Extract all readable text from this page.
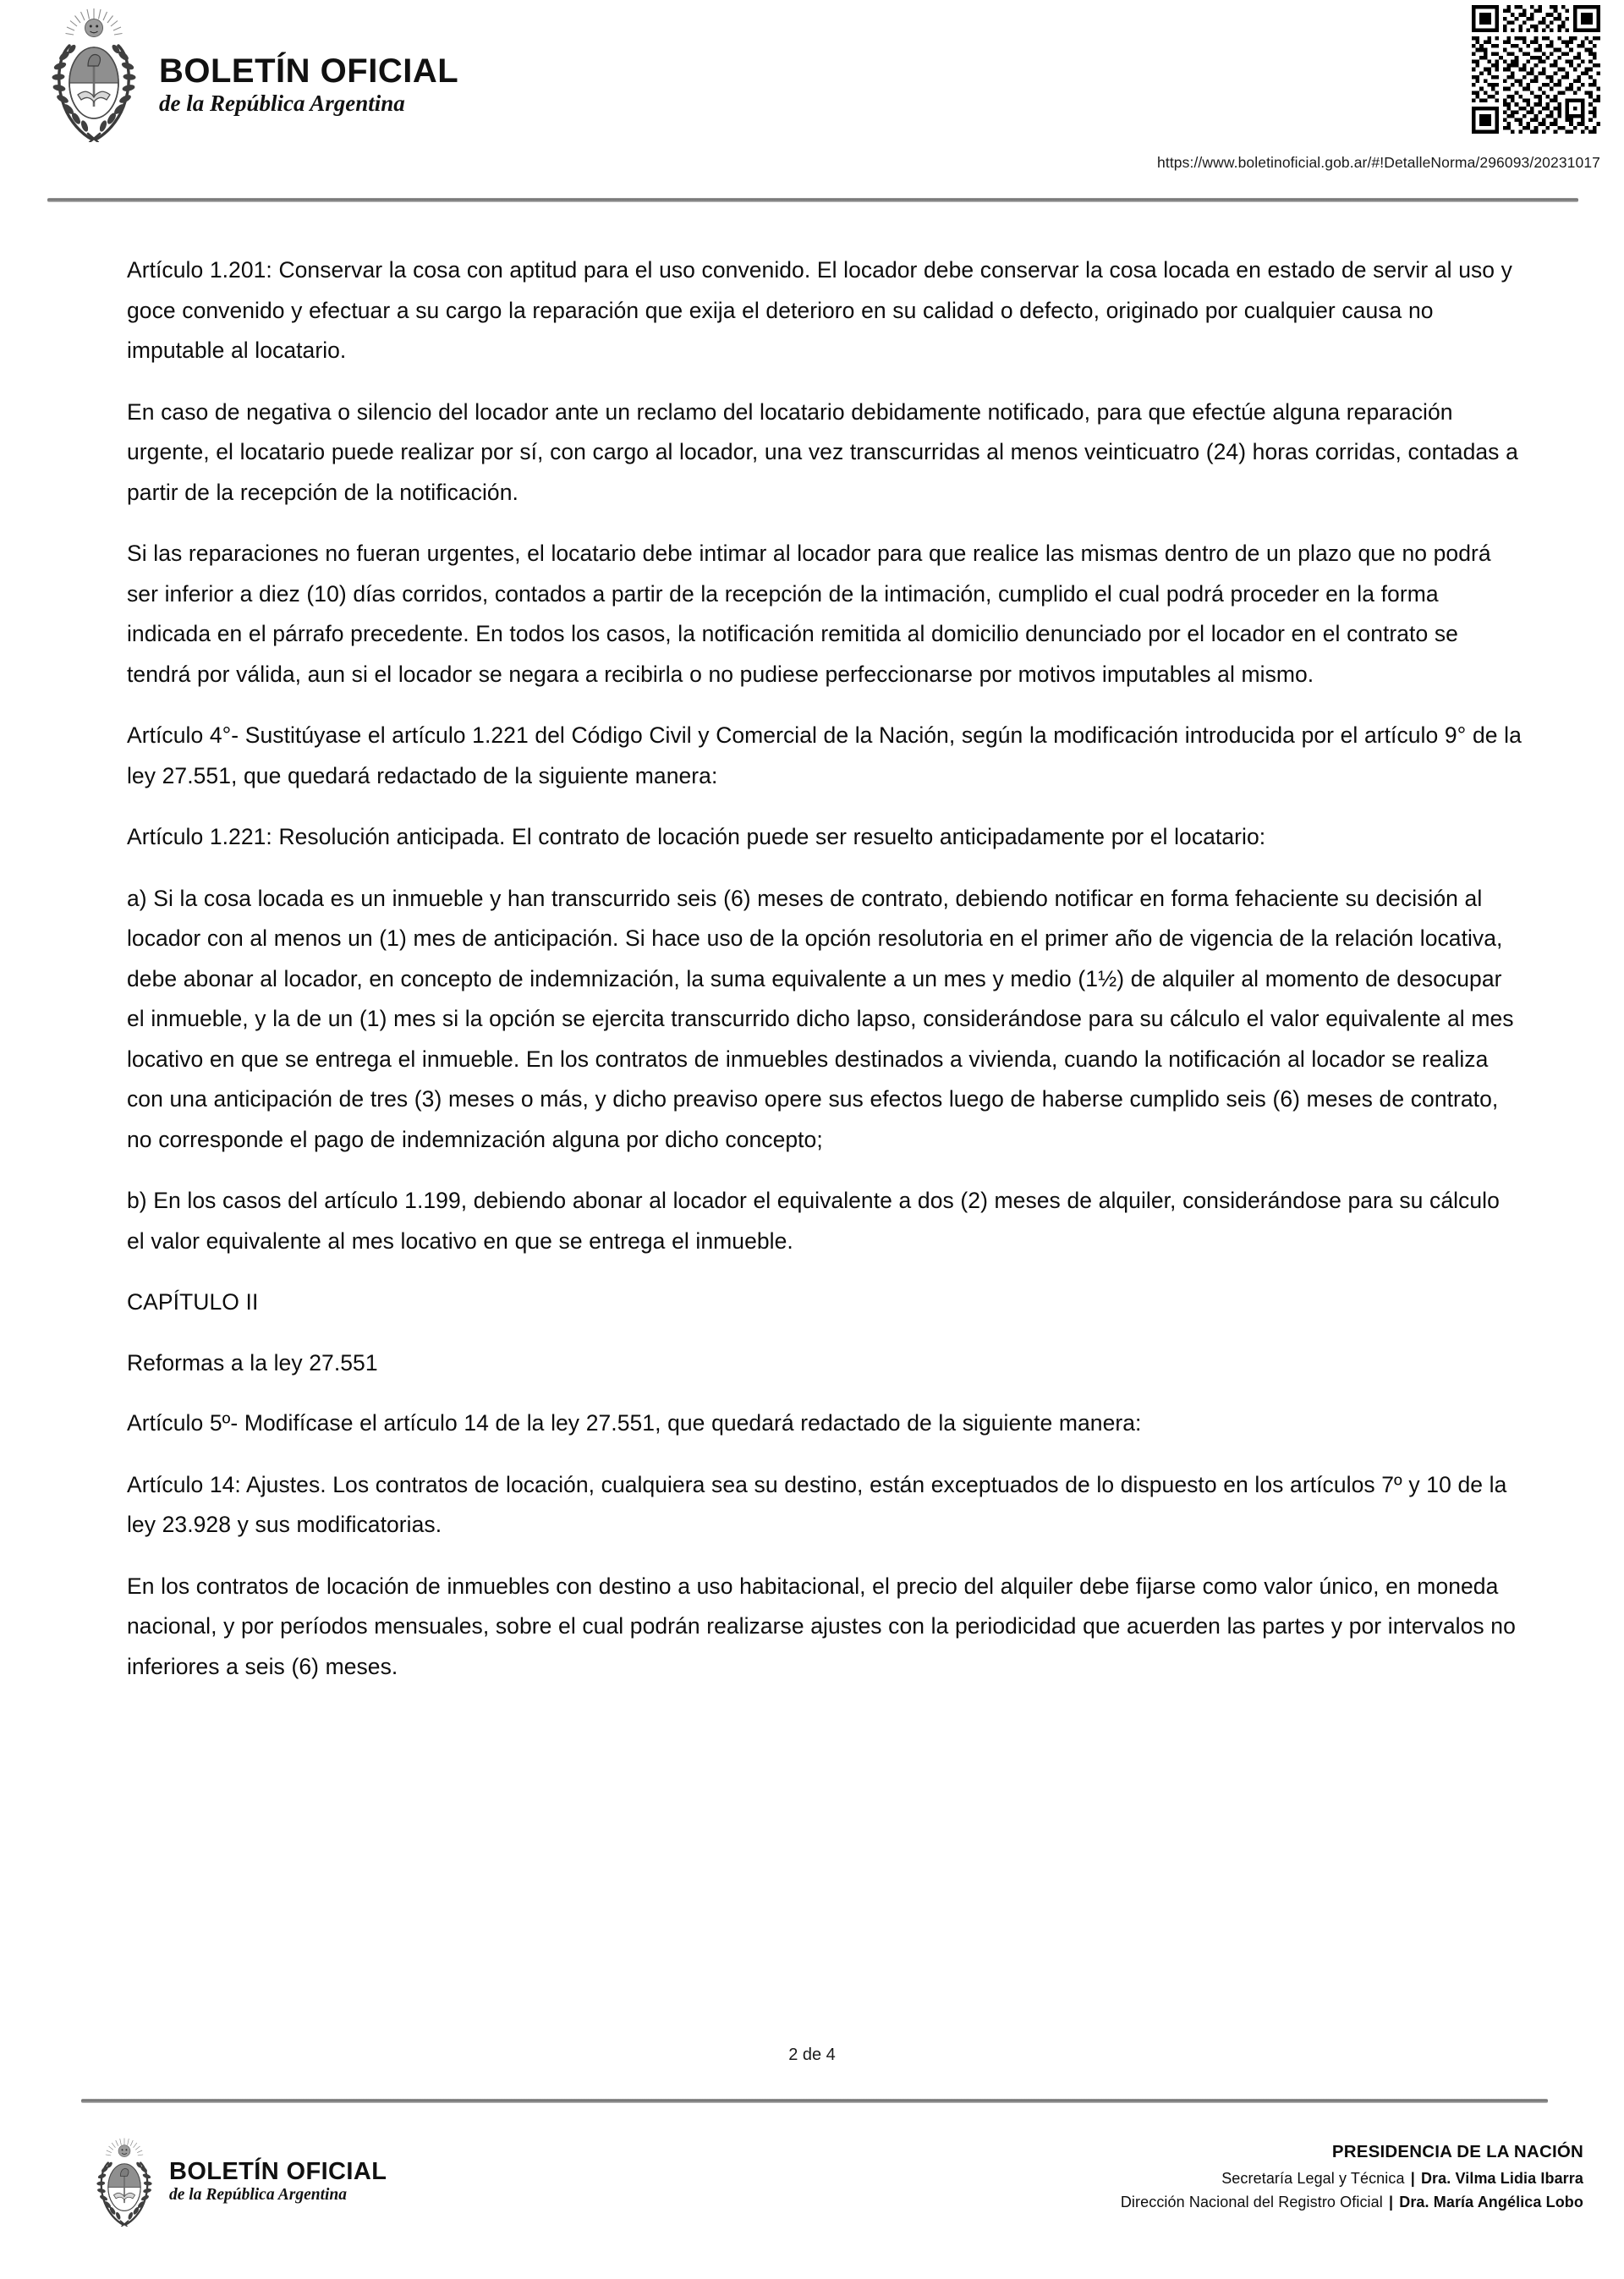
BOLETÍN OFICIAL
de la República Argentina
https://www.boletinoficial.gob.ar/#!DetalleNorma/296093/20231017

Artículo 1.201: Conservar la cosa con aptitud para el uso convenido. El locador debe conservar la cosa locada en estado de servir al uso y goce convenido y efectuar a su cargo la reparación que exija el deterioro en su calidad o defecto, originado por cualquier causa no imputable al locatario.

En caso de negativa o silencio del locador ante un reclamo del locatario debidamente notificado, para que efectúe alguna reparación urgente, el locatario puede realizar por sí, con cargo al locador, una vez transcurridas al menos veinticuatro (24) horas corridas, contadas a partir de la recepción de la notificación.

Si las reparaciones no fueran urgentes, el locatario debe intimar al locador para que realice las mismas dentro de un plazo que no podrá ser inferior a diez (10) días corridos, contados a partir de la recepción de la intimación, cumplido el cual podrá proceder en la forma indicada en el párrafo precedente. En todos los casos, la notificación remitida al domicilio denunciado por el locador en el contrato se tendrá por válida, aun si el locador se negara a recibirla o no pudiese perfeccionarse por motivos imputables al mismo.

Artículo 4°- Sustitúyase el artículo 1.221 del Código Civil y Comercial de la Nación, según la modificación introducida por el artículo 9° de la ley 27.551, que quedará redactado de la siguiente manera:

Artículo 1.221: Resolución anticipada. El contrato de locación puede ser resuelto anticipadamente por el locatario:

a) Si la cosa locada es un inmueble y han transcurrido seis (6) meses de contrato, debiendo notificar en forma fehaciente su decisión al locador con al menos un (1) mes de anticipación. Si hace uso de la opción resolutoria en el primer año de vigencia de la relación locativa, debe abonar al locador, en concepto de indemnización, la suma equivalente a un mes y medio (1½) de alquiler al momento de desocupar el inmueble, y la de un (1) mes si la opción se ejercita transcurrido dicho lapso, considerándose para su cálculo el valor equivalente al mes locativo en que se entrega el inmueble. En los contratos de inmuebles destinados a vivienda, cuando la notificación al locador se realiza con una anticipación de tres (3) meses o más, y dicho preaviso opere sus efectos luego de haberse cumplido seis (6) meses de contrato, no corresponde el pago de indemnización alguna por dicho concepto;

b) En los casos del artículo 1.199, debiendo abonar al locador el equivalente a dos (2) meses de alquiler, considerándose para su cálculo el valor equivalente al mes locativo en que se entrega el inmueble.

CAPÍTULO II

Reformas a la ley 27.551

Artículo 5º- Modifícase el artículo 14 de la ley 27.551, que quedará redactado de la siguiente manera:

Artículo 14: Ajustes. Los contratos de locación, cualquiera sea su destino, están exceptuados de lo dispuesto en los artículos 7º y 10 de la ley 23.928 y sus modificatorias.

En los contratos de locación de inmuebles con destino a uso habitacional, el precio del alquiler debe fijarse como valor único, en moneda nacional, y por períodos mensuales, sobre el cual podrán realizarse ajustes con la periodicidad que acuerden las partes y por intervalos no inferiores a seis (6) meses.

2 de 4
BOLETÍN OFICIAL
de la República Argentina
PRESIDENCIA DE LA NACIÓN
Secretaría Legal y Técnica | Dra. Vilma Lidia Ibarra
Dirección Nacional del Registro Oficial | Dra. María Angélica Lobo
